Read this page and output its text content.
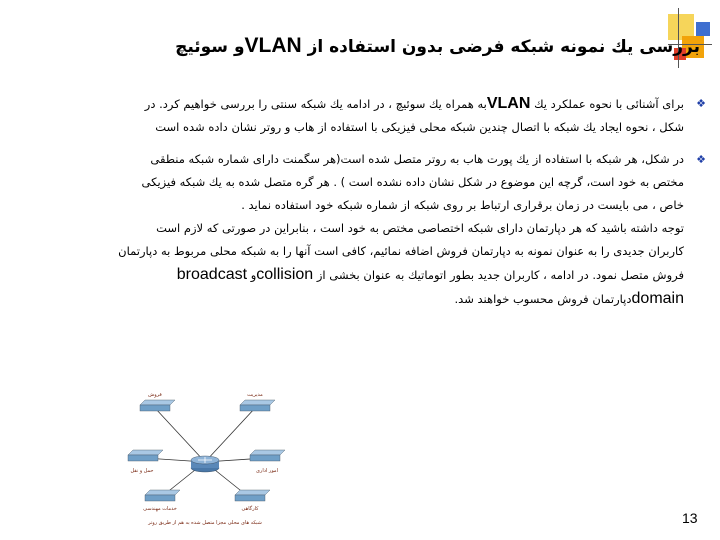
بررسی یك نمونه شبكه فرضی بدون استفاده از VLANو سوئیچ
❖
برای آشنائی با نحوه عملكرد یك VLANبه همراه یك سوئیچ ، در ادامه یك شبكه سنتی را بررسی خواهیم كرد. در
شكل ، نحوه ایجاد یك شبكه با اتصال چندین شبكه محلی فیزیكی با استفاده از هاب و روتر نشان داده شده است
❖
در شكل، هر شبكه با استفاده از یك پورت هاب به روتر متصل شده است(هر سگمنت دارای شماره شبكه منطقی
مختص به خود است، گرچه این موضوع در شكل نشان داده نشده است ) . هر گره متصل شده به یك شبكه فیزیكی
خاص ، می بایست در زمان برقراری ارتباط بر روی شبكه از شماره شبكه خود استفاده نماید .
توجه داشته باشید كه هر دپارتمان دارای شبكه اختصاصی مختص به خود است ، بنابراین در صورتی كه لازم است
كاربران جدیدی را به عنوان نمونه به دپارتمان فروش اضافه نمائیم، كافی است آنها را به شبكه محلی مربوط به دپارتمان
فروش متصل نمود. در ادامه ، كاربران جدید بطور اتوماتیك به عنوان بخشی از collisionو broadcast
domainدپارتمان فروش محسوب خواهند شد.
فروش	مدیریت
حمل و نقل	امور اداری
خدمات مهندسی	کارگاهی
شبکه های محلی مجزا متصل شده به هم از طریق روتر	13
